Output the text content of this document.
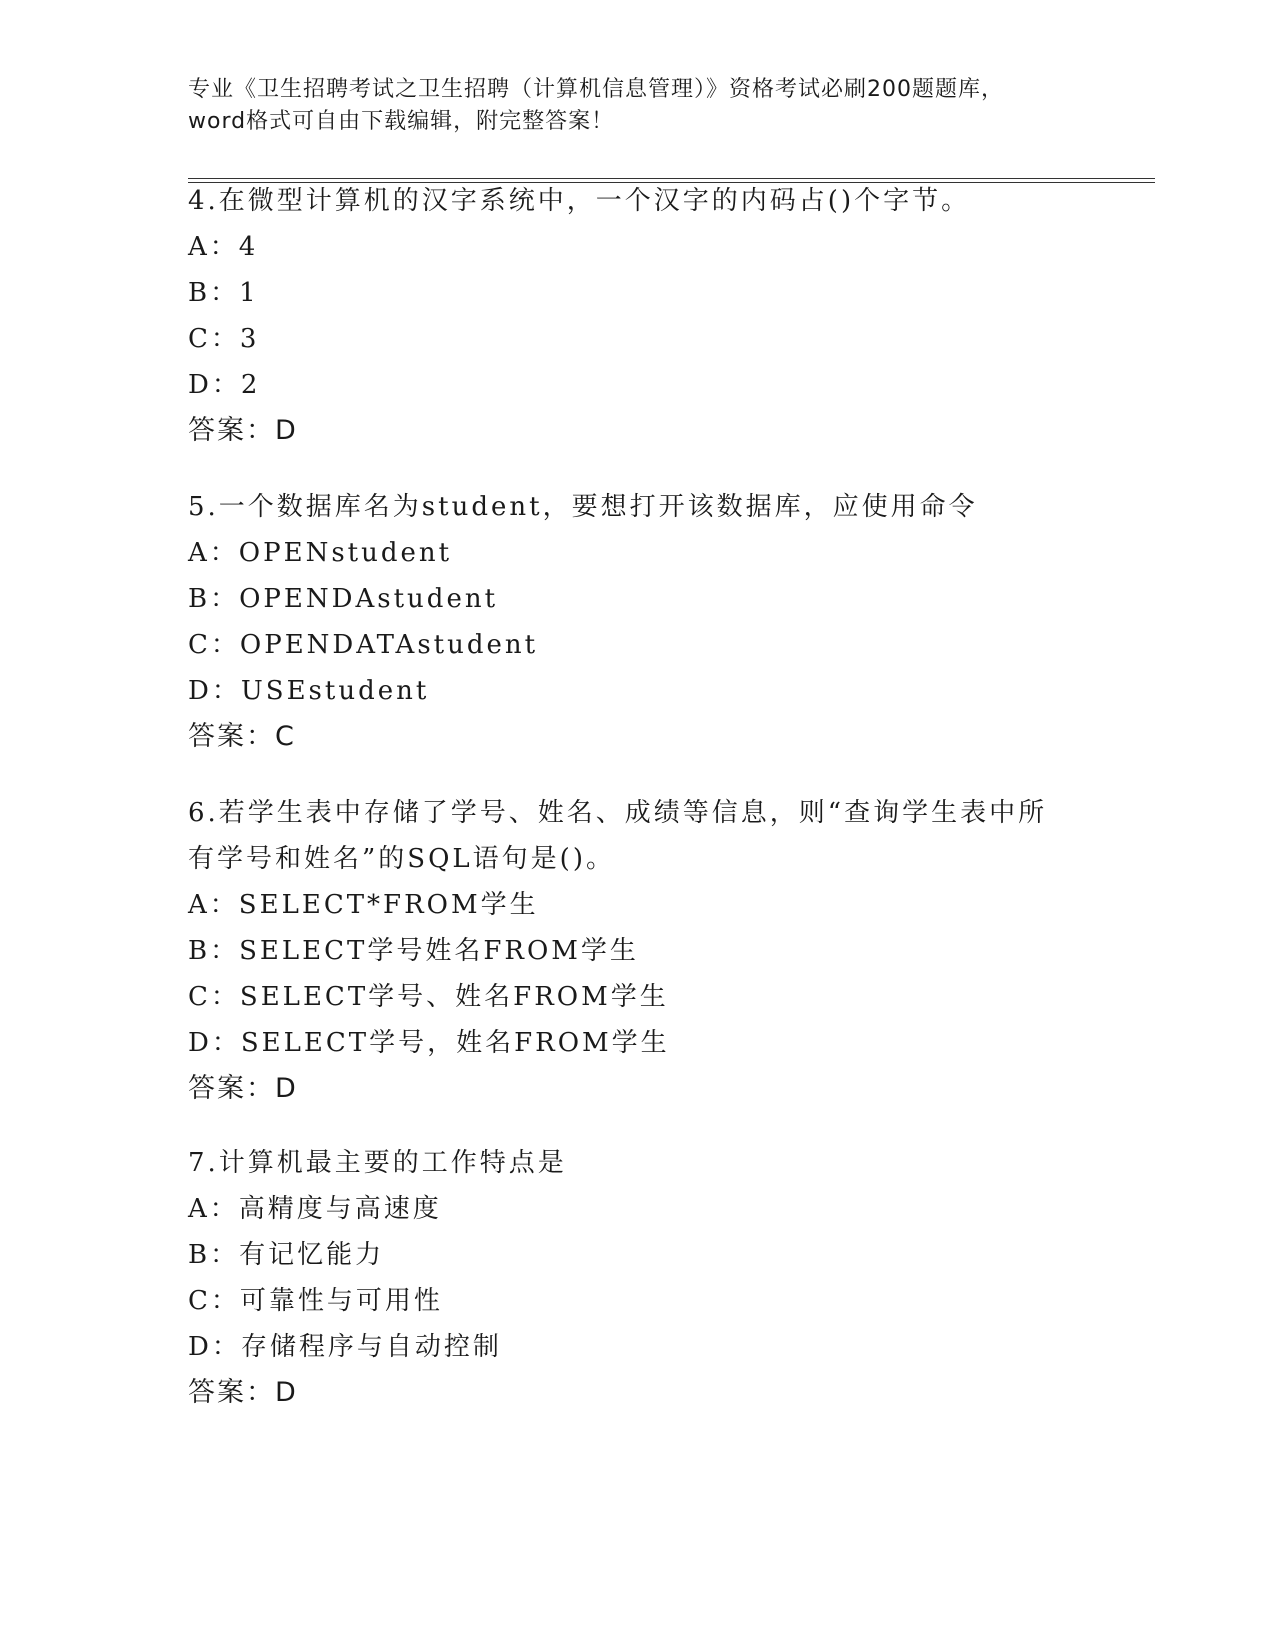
专业《卫生招聘考试之卫生招聘（计算机信息管理）》资格考试必刷200题题库，
word格式可自由下载编辑，附完整答案！
4.在微型计算机的汉字系统中，一个汉字的内码占()个字节。
A：4
B：1
C：3
D：2
答案：D
5.一个数据库名为student，要想打开该数据库，应使用命令
A：OPENstudent
B：OPENDAstudent
C：OPENDATAstudent
D：USEstudent
答案：C
6.若学生表中存储了学号、姓名、成绩等信息，则“查询学生表中所
有学号和姓名”的SQL语句是()。
A：SELECT*FROM学生
B：SELECT学号姓名FROM学生
C：SELECT学号、姓名FROM学生
D：SELECT学号，姓名FROM学生
答案：D
7.计算机最主要的工作特点是
A：高精度与高速度
B：有记忆能力
C：可靠性与可用性
D：存储程序与自动控制
答案：D
